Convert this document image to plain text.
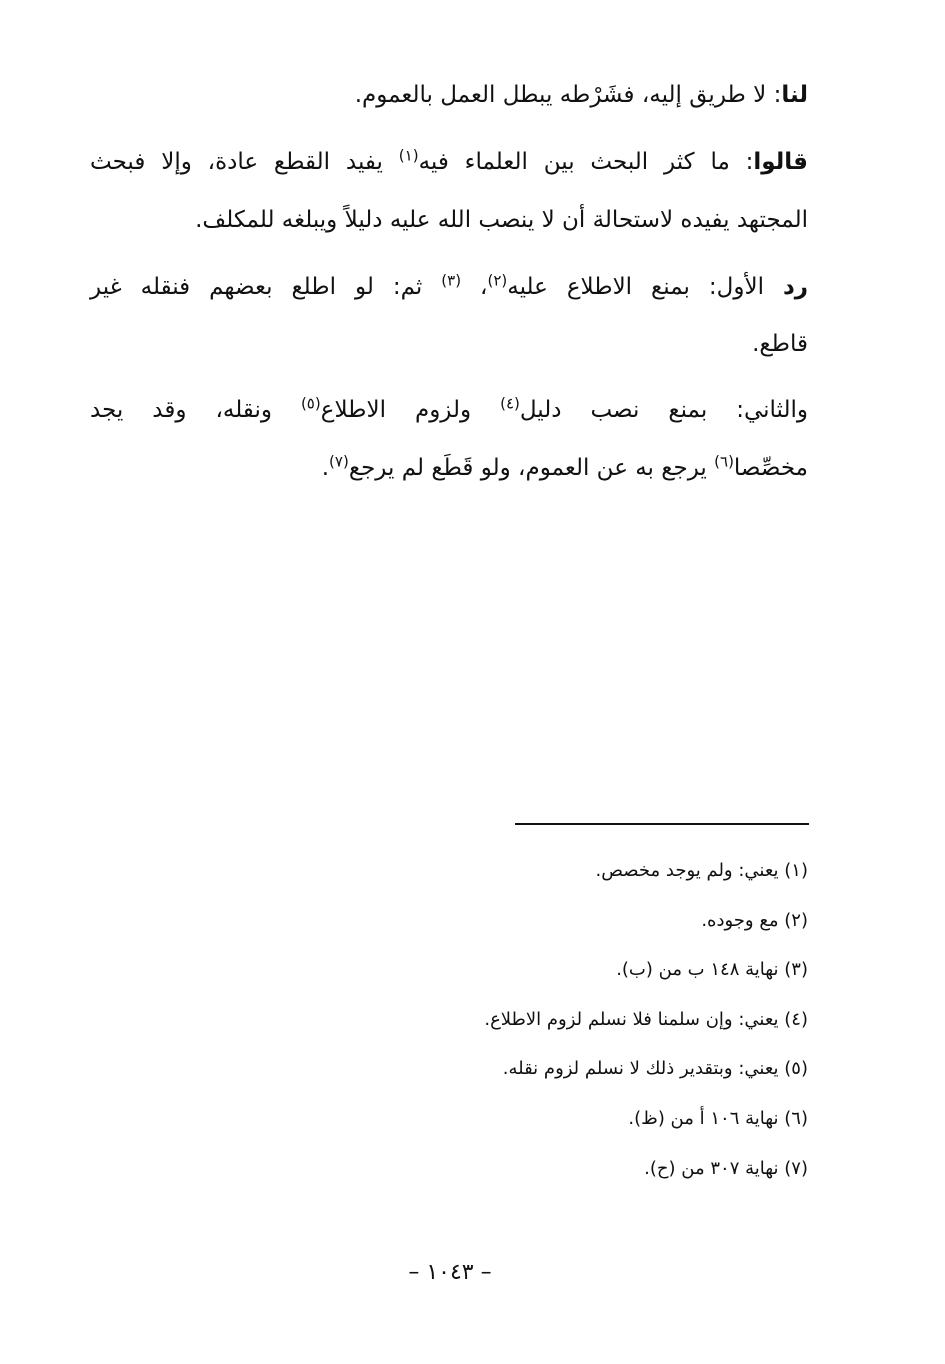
لنا: لا طريق إليه، فشَرْطه يبطل العمل بالعموم.
قالوا: ما كثر البحث بين العلماء فيه$^{(١)}$ يفيد القطع عادة، وإلا فبحث
المجتهد يفيده لاستحالة أن لا ينصب الله عليه دليلاً ويبلغه للمكلف.
رد الأول: بمنع الاطلاع عليه$^{(٢)}$، $^{(٣)}$ ثم: لو اطلع بعضهم فنقله غير
قاطع.
والثاني: بمنع نصب دليل$^{(٤)}$ ولزوم الاطلاع$^{(٥)}$ ونقله، وقد يجد
مخصِّصا$^{(٦)}$ يرجع به عن العموم، ولو قَطَع لم يرجع$^{(٧)}$.
(١) يعني: ولم يوجد مخصص.
(٢) مع وجوده.
(٣) نهاية ١٤٨ ب من (ب).
(٤) يعني: وإن سلمنا فلا نسلم لزوم الاطلاع.
(٥) يعني: وبتقدير ذلك لا نسلم لزوم نقله.
(٦) نهاية ١٠٦ أ من (ظ).
(٧) نهاية ٣٠٧ من (ح).
– ١٠٤٣ –
